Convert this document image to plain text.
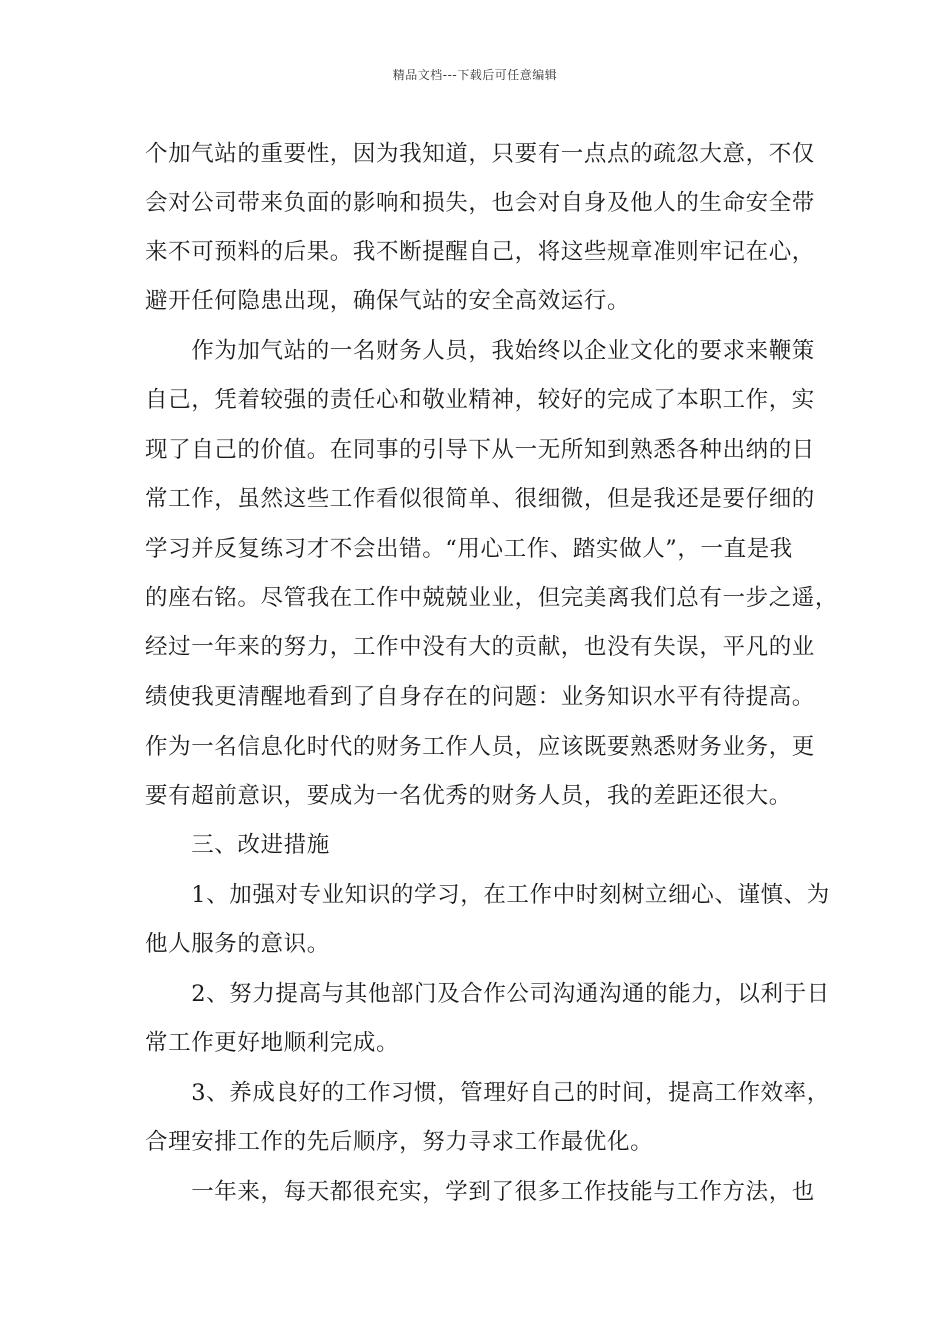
精品文档---下载后可任意编辑
个加气站的重要性，因为我知道，只要有一点点的疏忽大意，不仅
会对公司带来负面的影响和损失，也会对自身及他人的生命安全带
来不可预料的后果。我不断提醒自己，将这些规章准则牢记在心，
避开任何隐患出现，确保气站的安全高效运行。
　　作为加气站的一名财务人员，我始终以企业文化的要求来鞭策
自己，凭着较强的责任心和敬业精神，较好的完成了本职工作，实
现了自己的价值。在同事的引导下从一无所知到熟悉各种出纳的日
常工作，虽然这些工作看似很简单、很细微，但是我还是要仔细的
学习并反复练习才不会出错。“用心工作、踏实做人”，一直是我
的座右铭。尽管我在工作中兢兢业业，但完美离我们总有一步之遥，
经过一年来的努力，工作中没有大的贡献，也没有失误，平凡的业
绩使我更清醒地看到了自身存在的问题：业务知识水平有待提高。
作为一名信息化时代的财务工作人员，应该既要熟悉财务业务，更
要有超前意识，要成为一名优秀的财务人员，我的差距还很大。
　　三、改进措施
　　1、加强对专业知识的学习，在工作中时刻树立细心、谨慎、为
他人服务的意识。
　　2、努力提高与其他部门及合作公司沟通沟通的能力，以利于日
常工作更好地顺利完成。
　　3、养成良好的工作习惯，管理好自己的时间，提高工作效率，
合理安排工作的先后顺序，努力寻求工作最优化。
　　一年来，每天都很充实，学到了很多工作技能与工作方法，也
